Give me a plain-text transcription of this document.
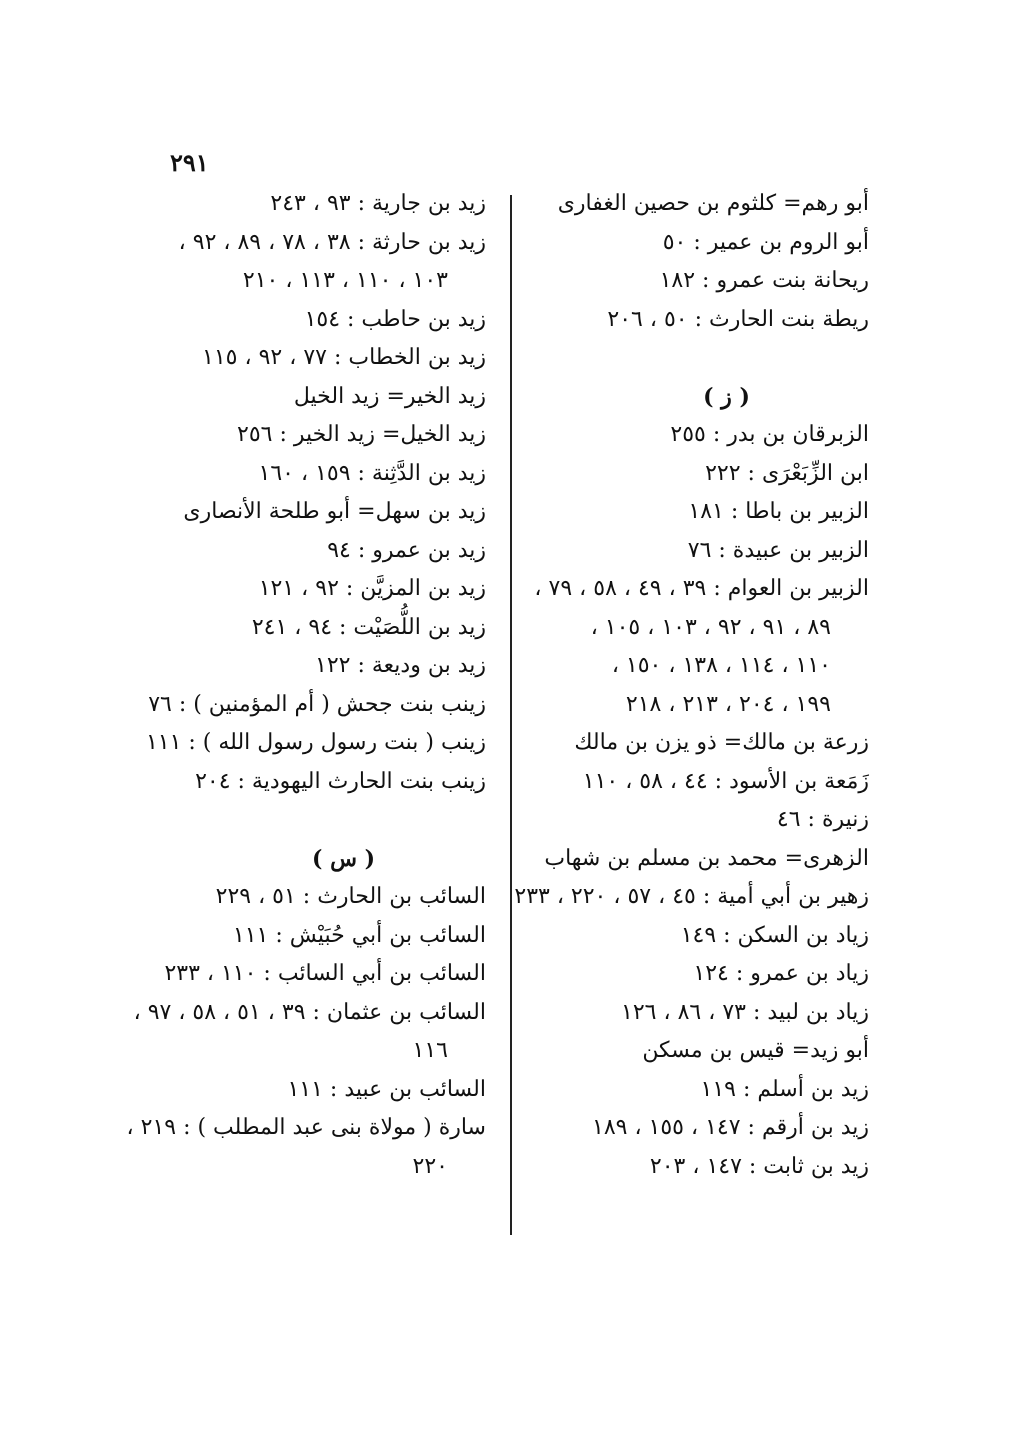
٢٩١
أبو رهم= كلثوم بن حصين الغفارى
أبو الروم بن عمير : ٥٠
ريحانة بنت عمرو : ١٨٢
ريطة بنت الحارث : ٥٠ ، ٢٠٦
( ز )
الزبرقان بن بدر : ٢٥٥
ابن الزِّبَعْرَى : ٢٢٢
الزبير بن باطا : ١٨١
الزبير بن عبيدة : ٧٦
الزبير بن العوام : ٣٩ ، ٤٩ ، ٥٨ ، ٧٩ ،
٨٩ ، ٩١ ، ٩٢ ، ١٠٣ ، ١٠٥ ،
١١٠ ، ١١٤ ، ١٣٨ ، ١٥٠ ،
١٩٩ ، ٢٠٤ ، ٢١٣ ، ٢١٨
زرعة بن مالك= ذو يزن بن مالك
زَمَعة بن الأسود : ٤٤ ، ٥٨ ، ١١٠
زنيرة : ٤٦
الزهرى= محمد بن مسلم بن شهاب
زهير بن أبي أمية : ٤٥ ، ٥٧ ، ٢٢٠ ، ٢٣٣
زياد بن السكن : ١٤٩
زياد بن عمرو : ١٢٤
زياد بن لبيد : ٧٣ ، ٨٦ ، ١٢٦
أبو زيد= قيس بن مسكن
زيد بن أسلم : ١١٩
زيد بن أرقم : ١٤٧ ، ١٥٥ ، ١٨٩
زيد بن ثابت : ١٤٧ ، ٢٠٣
زيد بن جارية : ٩٣ ، ٢٤٣
زيد بن حارثة : ٣٨ ، ٧٨ ، ٨٩ ، ٩٢ ،
١٠٣ ، ١١٠ ، ١١٣ ، ٢١٠
زيد بن حاطب : ١٥٤
زيد بن الخطاب : ٧٧ ، ٩٢ ، ١١٥
زيد الخير= زيد الخيل
زيد الخيل= زيد الخير : ٢٥٦
زيد بن الدَّثِنة : ١٥٩ ، ١٦٠
زيد بن سهل= أبو طلحة الأنصارى
زيد بن عمرو : ٩٤
زيد بن المزيَّن : ٩٢ ، ١٢١
زيد بن اللُّصَيْت : ٩٤ ، ٢٤١
زيد بن وديعة : ١٢٢
زينب بنت جحش ( أم المؤمنين ) : ٧٦
زينب ( بنت رسول رسول الله ) : ١١١
زينب بنت الحارث اليهودية : ٢٠٤
( س )
السائب بن الحارث : ٥١ ، ٢٢٩
السائب بن أبي حُبَيْش : ١١١
السائب بن أبي السائب : ١١٠ ، ٢٣٣
السائب بن عثمان : ٣٩ ، ٥١ ، ٥٨ ، ٩٧ ،
١١٦
السائب بن عبيد : ١١١
سارة ( مولاة بنى عبد المطلب ) : ٢١٩ ،
٢٢٠
